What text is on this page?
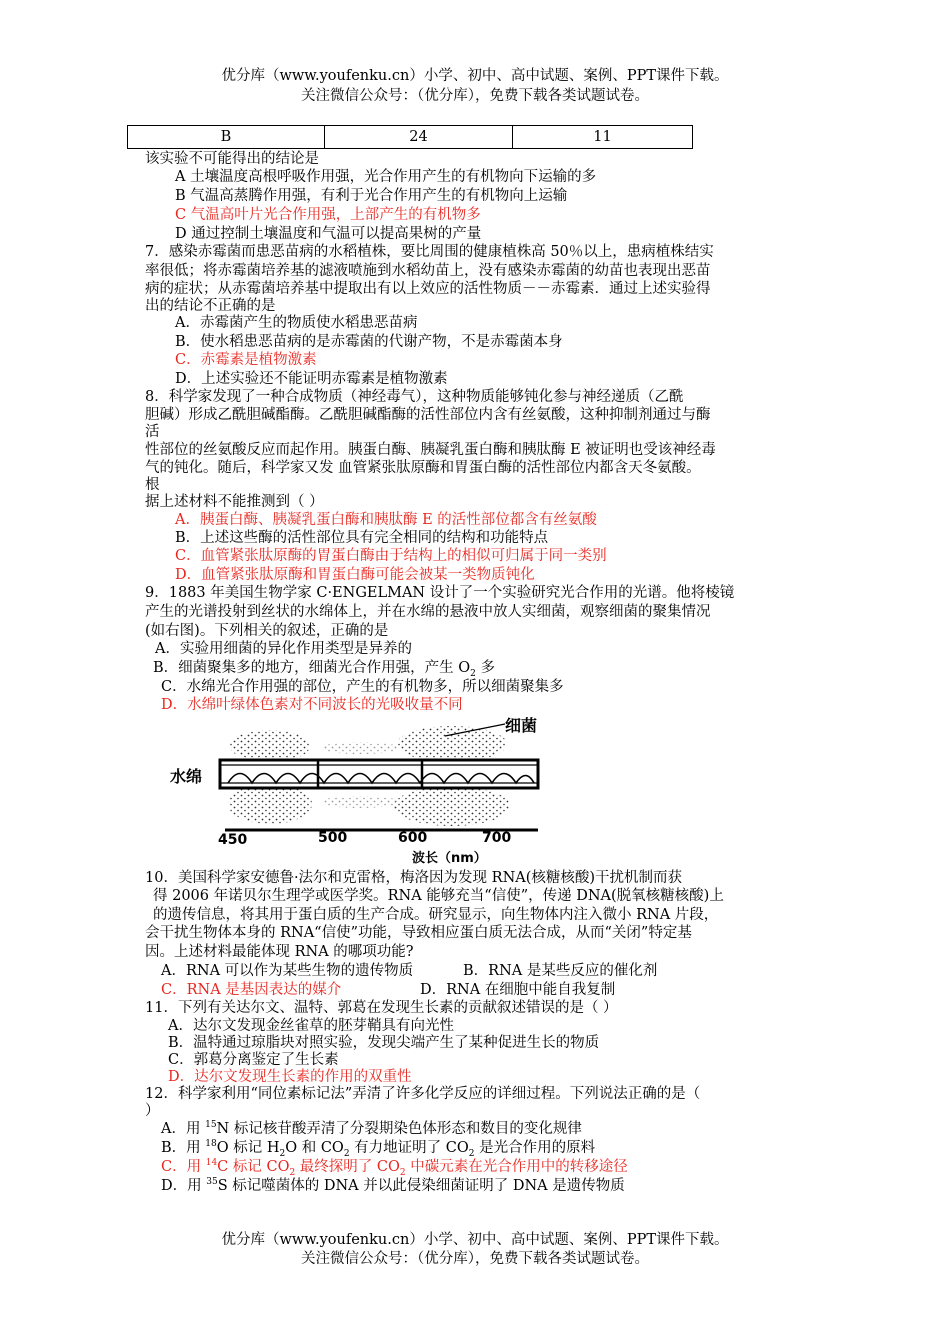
优分库（www.youfenku.cn）小学、初中、高中试题、案例、PPT课件下载。
关注微信公众号：（优分库），免费下载各类试题试卷。
B	24	11
该实验不可能得出的结论是
A 土壤温度高根呼吸作用强，光合作用产生的有机物向下运输的多
B 气温高蒸腾作用强，有利于光合作用产生的有机物向上运输
C 气温高叶片光合作用强，上部产生的有机物多
D 通过控制土壤温度和气温可以提高果树的产量
7．感染赤霉菌而患恶苗病的水稻植株，要比周围的健康植株高 50％以上，患病植株结实
率很低；将赤霉菌培养基的滤液喷施到水稻幼苗上，没有感染赤霉菌的幼苗也表现出恶苗
病的症状；从赤霉菌培养基中提取出有以上效应的活性物质－－赤霉素．通过上述实验得
出的结论不正确的是
A．赤霉菌产生的物质使水稻患恶苗病
B．使水稻患恶苗病的是赤霉菌的代谢产物，不是赤霉菌本身
C．赤霉素是植物激素
D．上述实验还不能证明赤霉素是植物激素
8．科学家发现了一种合成物质（神经毒气），这种物质能够钝化参与神经递质（乙酰
胆碱）形成乙酰胆碱酯酶。乙酰胆碱酯酶的活性部位内含有丝氨酸，这种抑制剂通过与酶
活
性部位的丝氨酸反应而起作用。胰蛋白酶、胰凝乳蛋白酶和胰肽酶 E 被证明也受该神经毒
气的钝化。随后，科学家又发 血管紧张肽原酶和胃蛋白酶的活性部位内都含天冬氨酸。
根
据上述材料不能推测到（ ）
A．胰蛋白酶、胰凝乳蛋白酶和胰肽酶 E 的活性部位都含有丝氨酸
B．上述这些酶的活性部位具有完全相同的结构和功能特点
C．血管紧张肽原酶的胃蛋白酶由于结构上的相似可归属于同一类别
D．血管紧张肽原酶和胃蛋白酶可能会被某一类物质钝化
9．1883 年美国生物学家 C·ENGELMAN 设计了一个实验研究光合作用的光谱。他将棱镜
产生的光谱投射到丝状的水绵体上，并在水绵的悬液中放人实细菌，观察细菌的聚集情况
(如右图)。下列相关的叙述，正确的是
A．实验用细菌的异化作用类型是异养的
B．细菌聚集多的地方，细菌光合作用强，产生 $O_2$ 多
C．水绵光合作用强的部位，产生的有机物多，所以细菌聚集多
D．水绵叶绿体色素对不同波长的光吸收量不同
细菌
水绵
450	500	600	700
波长（nm）
10．美国科学家安德鲁·法尔和克雷格，梅洛因为发现 RNA(核糖核酸)干扰机制而获
得 2006 年诺贝尔生理学或医学奖。RNA 能够充当“信使”，传递 DNA(脱氧核糖核酸)上
的遗传信息，将其用于蛋白质的生产合成。研究显示，向生物体内注入微小 RNA 片段，
会干扰生物体本身的 RNA“信使”功能，导致相应蛋白质无法合成，从而“关闭”特定基
因。上述材料最能体现 RNA 的哪项功能?
A．RNA 可以作为某些生物的遗传物质	B．RNA 是某些反应的催化剂
C．RNA 是基因表达的媒介	D．RNA 在细胞中能自我复制
11．下列有关达尔文、温特、郭葛在发现生长素的贡献叙述错误的是（ ）
A．达尔文发现金丝雀草的胚芽鞘具有向光性
B．温特通过琼脂块对照实验，发现尖端产生了某种促进生长的物质
C．郭葛分离鉴定了生长素
D．达尔文发现生长素的作用的双重性
12．科学家利用“同位素标记法”弄清了许多化学反应的详细过程。下列说法正确的是（
）
A．用 $^{15}$N 标记核苷酸弄清了分裂期染色体形态和数目的变化规律
B．用 $^{18}$O 标记 $H_2O$ 和 $CO_2$ 有力地证明了 $CO_2$ 是光合作用的原料
C．用 $^{14}$C 标记 $CO_2$ 最终探明了 $CO_2$ 中碳元素在光合作用中的转移途径
D．用 $^{35}$S 标记噬菌体的 DNA 并以此侵染细菌证明了 DNA 是遗传物质
优分库（www.youfenku.cn）小学、初中、高中试题、案例、PPT课件下载。
关注微信公众号：（优分库），免费下载各类试题试卷。
